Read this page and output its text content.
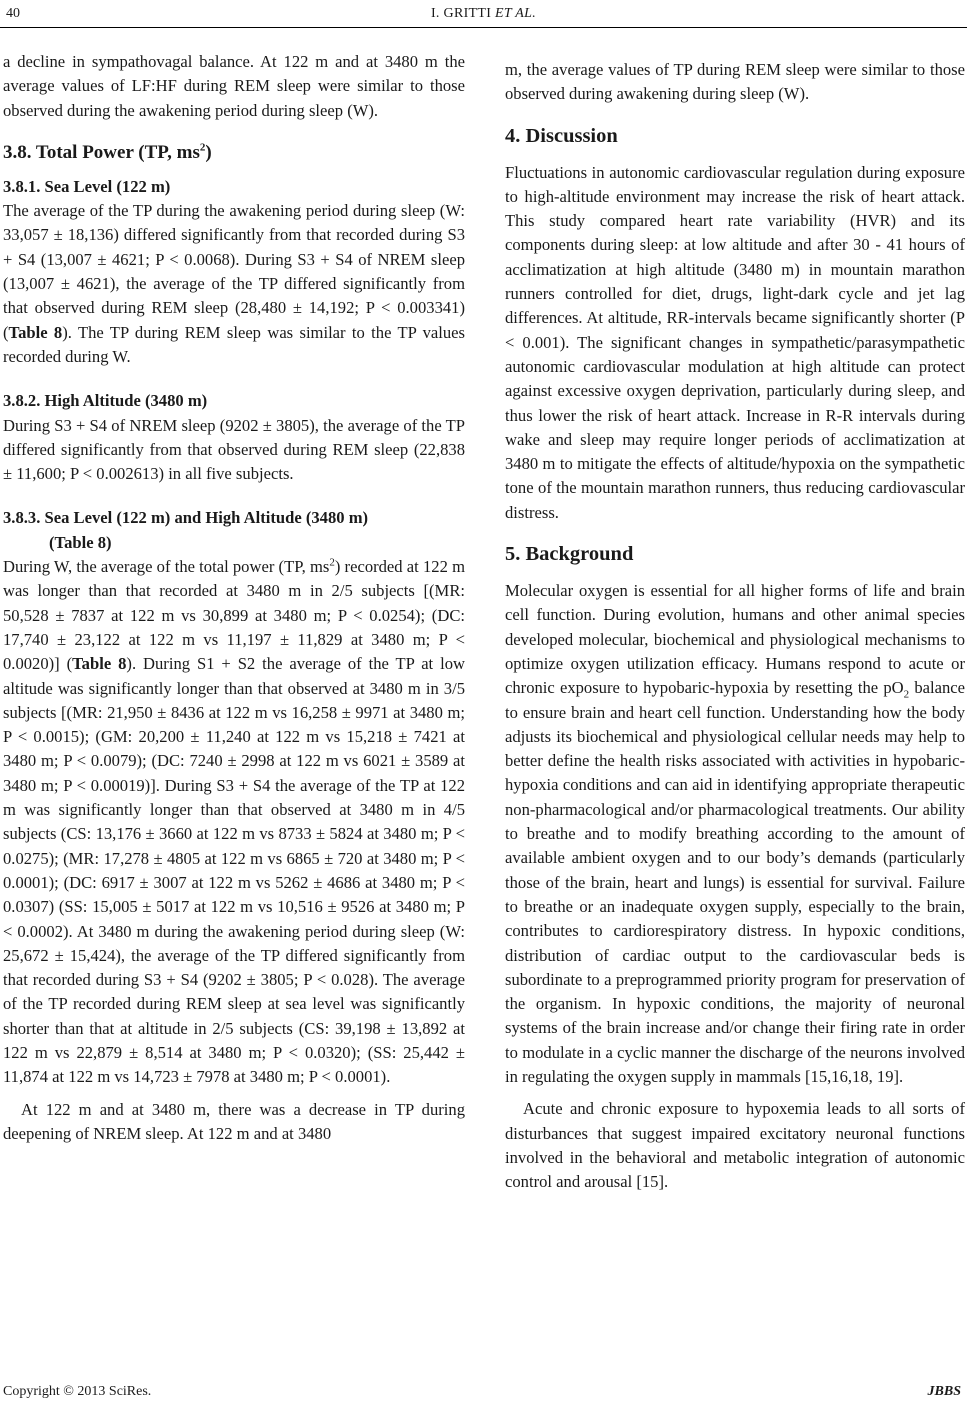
40	I. GRITTI ET AL.

a decline in sympathovagal balance. At 122 m and at 3480 m the average values of LF:HF during REM sleep were similar to those observed during the awakening period during sleep (W).

3.8. Total Power (TP, $ms^2$)
3.8.1. Sea Level (122 m)

The average of the TP during the awakening period during sleep (W: 33,057 ± 18,136) differed significantly from that recorded during S3 + S4 (13,007 ± 4621; P < 0.0068). During S3 + S4 of NREM sleep (13,007 ± 4621), the average of the TP differed significantly from that observed during REM sleep (28,480 ± 14,192; P < 0.003341) (Table 8). The TP during REM sleep was similar to the TP values recorded during W.

3.8.2. High Altitude (3480 m)

During S3 + S4 of NREM sleep (9202 ± 3805), the average of the TP differed significantly from that observed during REM sleep (22,838 ± 11,600; P < 0.002613) in all five subjects.

3.8.3. Sea Level (122 m) and High Altitude (3480 m)
(Table 8)

During W, the average of the total power (TP, $ms^2$) recorded at 122 m was longer than that recorded at 3480 m in 2/5 subjects [(MR: 50,528 ± 7837 at 122 m vs 30,899 at 3480 m; P < 0.0254); (DC: 17,740 ± 23,122 at 122 m vs 11,197 ± 11,829 at 3480 m; P < 0.0020)] (Table 8). During S1 + S2 the average of the TP at low altitude was significantly longer than that observed at 3480 m in 3/5 subjects [(MR: 21,950 ± 8436 at 122 m vs 16,258 ± 9971 at 3480 m; P < 0.0015); (GM: 20,200 ± 11,240 at 122 m vs 15,218 ± 7421 at 3480 m; P < 0.0079); (DC: 7240 ± 2998 at 122 m vs 6021 ± 3589 at 3480 m; P < 0.00019)]. During S3 + S4 the average of the TP at 122 m was significantly longer than that observed at 3480 m in 4/5 subjects (CS: 13,176 ± 3660 at 122 m vs 8733 ± 5824 at 3480 m; P < 0.0275); (MR: 17,278 ± 4805 at 122 m vs 6865 ± 720 at 3480 m; P < 0.0001); (DC: 6917 ± 3007 at 122 m vs 5262 ± 4686 at 3480 m; P < 0.0307) (SS: 15,005 ± 5017 at 122 m vs 10,516 ± 9526 at 3480 m; P < 0.0002). At 3480 m during the awakening period during sleep (W: 25,672 ± 15,424), the average of the TP differed significantly from that recorded during S3 + S4 (9202 ± 3805; P < 0.028). The average of the TP recorded during REM sleep at sea level was significantly shorter than that at altitude in 2/5 subjects (CS: 39,198 ± 13,892 at 122 m vs 22,879 ± 8,514 at 3480 m; P < 0.0320); (SS: 25,442 ± 11,874 at 122 m vs 14,723 ± 7978 at 3480 m; P < 0.0001).

At 122 m and at 3480 m, there was a decrease in TP during deepening of NREM sleep. At 122 m and at 3480

m, the average values of TP during REM sleep were similar to those observed during awakening during sleep (W).

4. Discussion

Fluctuations in autonomic cardiovascular regulation during exposure to high-altitude environment may increase the risk of heart attack. This study compared heart rate variability (HVR) and its components during sleep: at low altitude and after 30 - 41 hours of acclimatization at high altitude (3480 m) in mountain marathon runners controlled for diet, drugs, light-dark cycle and jet lag differences. At altitude, RR-intervals became significantly shorter (P < 0.001). The significant changes in sympathetic/parasympathetic autonomic cardiovascular modulation at high altitude can protect against excessive oxygen deprivation, particularly during sleep, and thus lower the risk of heart attack. Increase in R-R intervals during wake and sleep may require longer periods of acclimatization at 3480 m to mitigate the effects of altitude/hypoxia on the sympathetic tone of the mountain marathon runners, thus reducing cardiovascular distress.

5. Background

Molecular oxygen is essential for all higher forms of life and brain cell function. During evolution, humans and other animal species developed molecular, biochemical and physiological mechanisms to optimize oxygen utilization efficacy. Humans respond to acute or chronic exposure to hypobaric-hypoxia by resetting the $pO_2$ balance to ensure brain and heart cell function. Understanding how the body adjusts its biochemical and physiological cellular needs may help to better define the health risks associated with activities in hypobaric-hypoxia conditions and can aid in identifying appropriate therapeutic non-pharmacological and/or pharmacological treatments. Our ability to breathe and to modify breathing according to the amount of available ambient oxygen and to our body’s demands (particularly those of the brain, heart and lungs) is essential for survival. Failure to breathe or an inadequate oxygen supply, especially to the brain, contributes to cardiorespiratory distress. In hypoxic conditions, distribution of cardiac output to the cardiovascular beds is subordinate to a preprogrammed priority program for preservation of the organism. In hypoxic conditions, the majority of neuronal systems of the brain increase and/or change their firing rate in order to modulate in a cyclic manner the discharge of the neurons involved in regulating the oxygen supply in mammals [15,16,18, 19].

Acute and chronic exposure to hypoxemia leads to all sorts of disturbances that suggest impaired excitatory neuronal functions involved in the behavioral and metabolic integration of autonomic control and arousal [15].

Copyright © 2013 SciRes.	JBBS
